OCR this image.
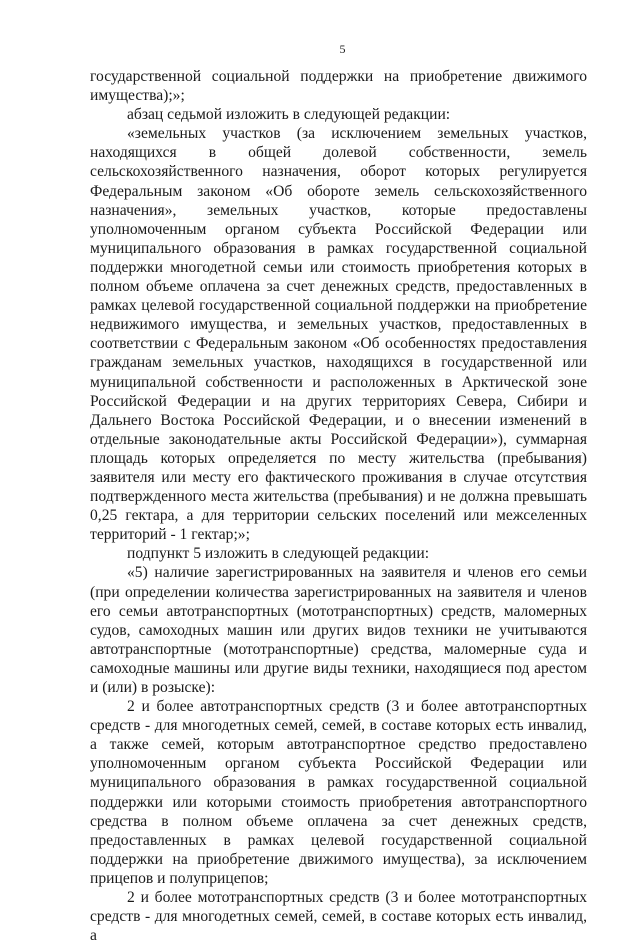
5

государственной социальной поддержки на приобретение движимого имущества);»;

абзац седьмой изложить в следующей редакции:

«земельных участков (за исключением земельных участков, находящихся в общей долевой собственности, земель сельскохозяйственного назначения, оборот которых регулируется Федеральным законом «Об обороте земель сельскохозяйственного назначения», земельных участков, которые предоставлены уполномоченным органом субъекта Российской Федерации или муниципального образования в рамках государственной социальной поддержки многодетной семьи или стоимость приобретения которых в полном объеме оплачена за счет денежных средств, предоставленных в рамках целевой государственной социальной поддержки на приобретение недвижимого имущества, и земельных участков, предоставленных в соответствии с Федеральным законом «Об особенностях предоставления гражданам земельных участков, находящихся в государственной или муниципальной собственности и расположенных в Арктической зоне Российской Федерации и на других территориях Севера, Сибири и Дальнего Востока Российской Федерации, и о внесении изменений в отдельные законодательные акты Российской Федерации»), суммарная площадь которых определяется по месту жительства (пребывания) заявителя или месту его фактического проживания в случае отсутствия подтвержденного места жительства (пребывания) и не должна превышать 0,25 гектара, а для территории сельских поселений или межселенных территорий - 1 гектар;»;

подпункт 5 изложить в следующей редакции:

«5) наличие зарегистрированных на заявителя и членов его семьи (при определении количества зарегистрированных на заявителя и членов его семьи автотранспортных (мототранспортных) средств, маломерных судов, самоходных машин или других видов техники не учитываются автотранспортные (мототранспортные) средства, маломерные суда и самоходные машины или другие виды техники, находящиеся под арестом и (или) в розыске):

2 и более автотранспортных средств (3 и более автотранспортных средств - для многодетных семей, семей, в составе которых есть инвалид, а также семей, которым автотранспортное средство предоставлено уполномоченным органом субъекта Российской Федерации или муниципального образования в рамках государственной социальной поддержки или которыми стоимость приобретения автотранспортного средства в полном объеме оплачена за счет денежных средств, предоставленных в рамках целевой государственной социальной поддержки на приобретение движимого имущества), за исключением прицепов и полуприцепов;

2 и более мототранспортных средств (3 и более мототранспортных средств - для многодетных семей, семей, в составе которых есть инвалид, а
